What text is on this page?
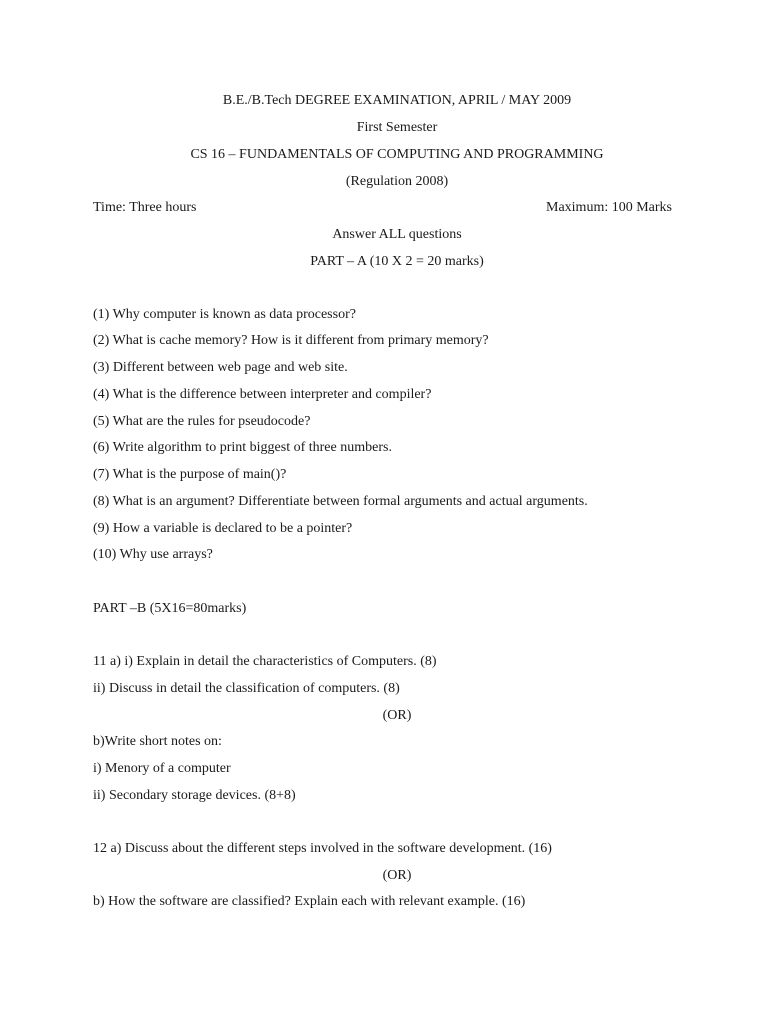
B.E./B.Tech DEGREE EXAMINATION, APRIL / MAY 2009
First Semester
CS 16 – FUNDAMENTALS OF COMPUTING AND PROGRAMMING
(Regulation 2008)
Time: Three hours	Maximum: 100 Marks
Answer ALL questions
PART – A (10 X 2 = 20 marks)
(1) Why computer is known as data processor?
(2) What is cache memory? How is it different from primary memory?
(3) Different between web page and web site.
(4) What is the difference between interpreter and compiler?
(5) What are the rules for pseudocode?
(6) Write algorithm to print biggest of three numbers.
(7) What is the purpose of main()?
(8) What is an argument? Differentiate between formal arguments and actual arguments.
(9) How a variable is declared to be a pointer?
(10) Why use arrays?
PART –B (5X16=80marks)
11 a) i) Explain in detail the characteristics of Computers. (8)
ii) Discuss in detail the classification of computers. (8)
(OR)
b)Write short notes on:
i) Menory of a computer
ii) Secondary storage devices. (8+8)
12 a) Discuss about the different steps involved in the software development. (16)
(OR)
b) How the software are classified? Explain each with relevant example. (16)
